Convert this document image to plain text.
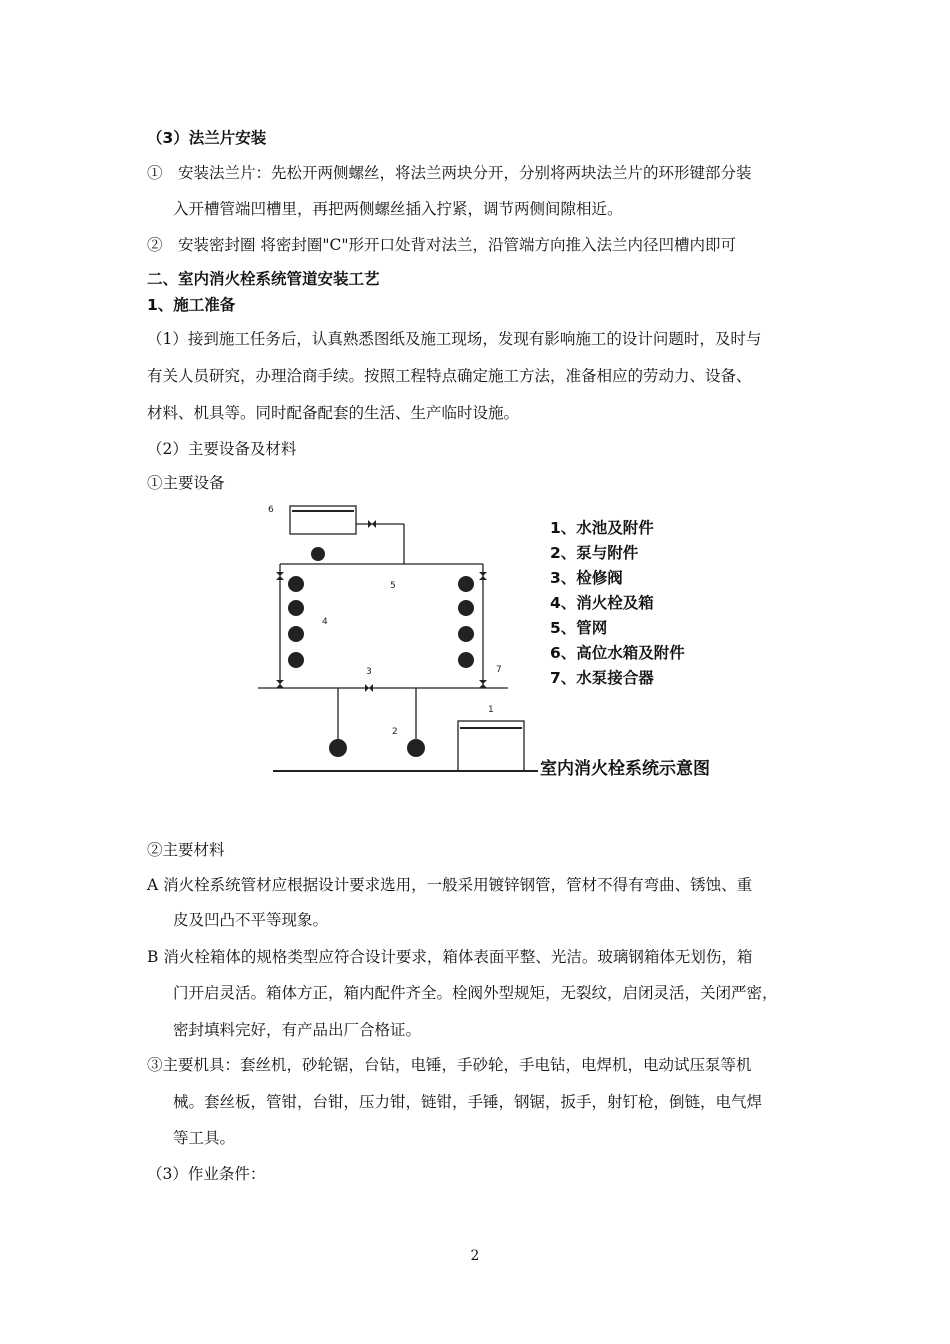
（3）法兰片安装
①　安装法兰片：先松开两侧螺丝，将法兰两块分开，分别将两块法兰片的环形键部分装
入开槽管端凹槽里，再把两侧螺丝插入拧紧，调节两侧间隙相近。
②　安装密封圈 将密封圈"C"形开口处背对法兰，沿管端方向推入法兰内径凹槽内即可
二、室内消火栓系统管道安装工艺
1、施工准备
（1）接到施工任务后，认真熟悉图纸及施工现场，发现有影响施工的设计问题时，及时与
有关人员研究，办理洽商手续。按照工程特点确定施工方法，准备相应的劳动力、设备、
材料、机具等。同时配备配套的生活、生产临时设施。
（2）主要设备及材料
①主要设备
6
5
4
3
2
1
7
1、水池及附件
2、泵与附件
3、检修阀
4、消火栓及箱
5、管网
6、高位水箱及附件
7、水泵接合器
室内消火栓系统示意图
②主要材料
A 消火栓系统管材应根据设计要求选用，一般采用镀锌钢管，管材不得有弯曲、锈蚀、重
皮及凹凸不平等现象。
B 消火栓箱体的规格类型应符合设计要求，箱体表面平整、光洁。玻璃钢箱体无划伤，箱
门开启灵活。箱体方正，箱内配件齐全。栓阀外型规矩，无裂纹，启闭灵活，关闭严密，
密封填料完好，有产品出厂合格证。
③主要机具：套丝机，砂轮锯，台钻，电锤，手砂轮，手电钻，电焊机，电动试压泵等机
械。套丝板，管钳，台钳，压力钳，链钳，手锤，钢锯，扳手，射钉枪，倒链，电气焊
等工具。
（3）作业条件：
2
